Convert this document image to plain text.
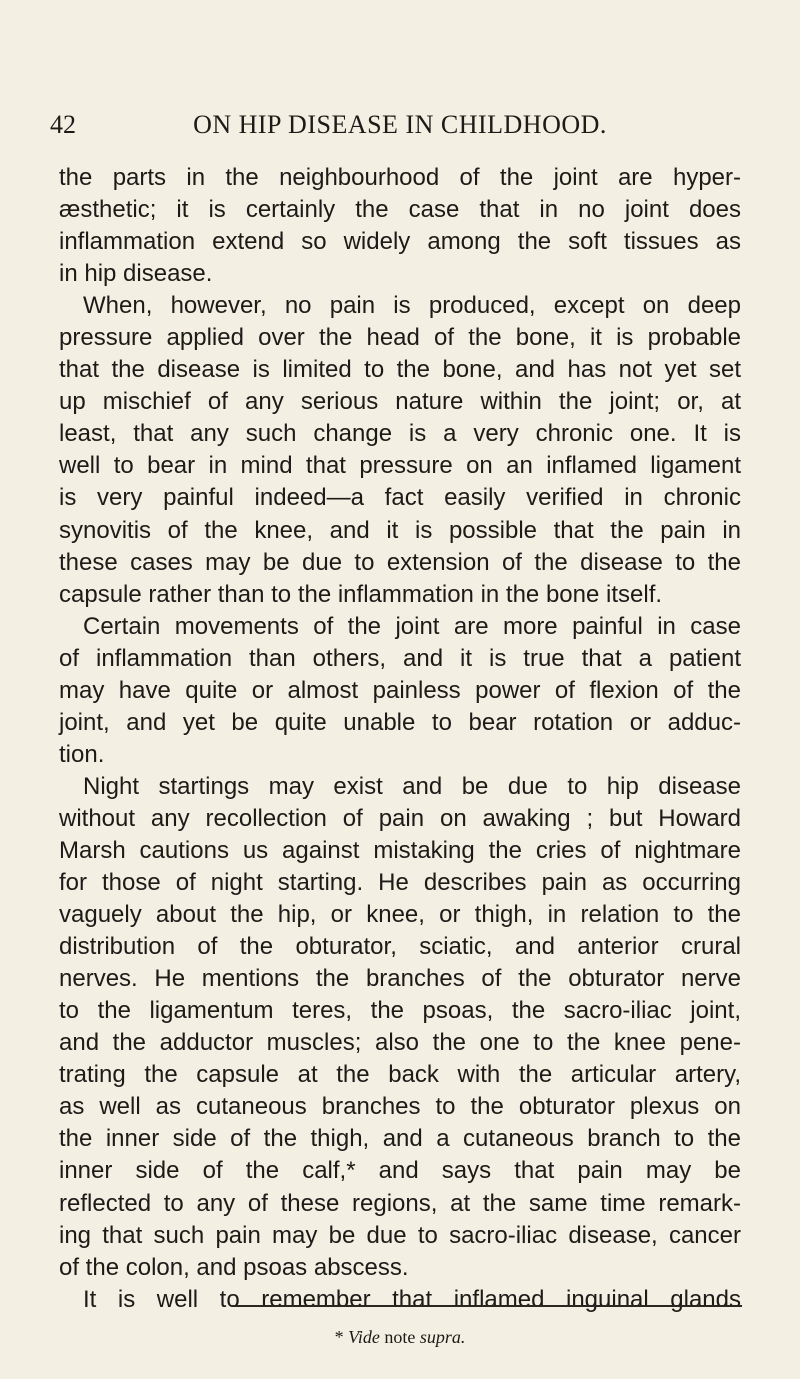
42	ON HIP DISEASE IN CHILDHOOD.
the parts in the neighbourhood of the joint are hyper-
æsthetic; it is certainly the case that in no joint does
inflammation extend so widely among the soft tissues as
in hip disease.
When, however, no pain is produced, except on deep
pressure applied over the head of the bone, it is probable
that the disease is limited to the bone, and has not yet set
up mischief of any serious nature within the joint; or, at
least, that any such change is a very chronic one. It is
well to bear in mind that pressure on an inflamed ligament
is very painful indeed—a fact easily verified in chronic
synovitis of the knee, and it is possible that the pain in
these cases may be due to extension of the disease to the
capsule rather than to the inflammation in the bone itself.
Certain movements of the joint are more painful in case
of inflammation than others, and it is true that a patient
may have quite or almost painless power of flexion of the
joint, and yet be quite unable to bear rotation or adduc-
tion.
Night startings may exist and be due to hip disease
without any recollection of pain on awaking ; but Howard
Marsh cautions us against mistaking the cries of nightmare
for those of night starting. He describes pain as occurring
vaguely about the hip, or knee, or thigh, in relation to the
distribution of the obturator, sciatic, and anterior crural
nerves. He mentions the branches of the obturator nerve
to the ligamentum teres, the psoas, the sacro-iliac joint,
and the adductor muscles; also the one to the knee pene-
trating the capsule at the back with the articular artery,
as well as cutaneous branches to the obturator plexus on
the inner side of the thigh, and a cutaneous branch to the
inner side of the calf,* and says that pain may be
reflected to any of these regions, at the same time remark-
ing that such pain may be due to sacro-iliac disease, cancer
of the colon, and psoas abscess.
It is well to remember that inflamed inguinal glands
* Vide note supra.
